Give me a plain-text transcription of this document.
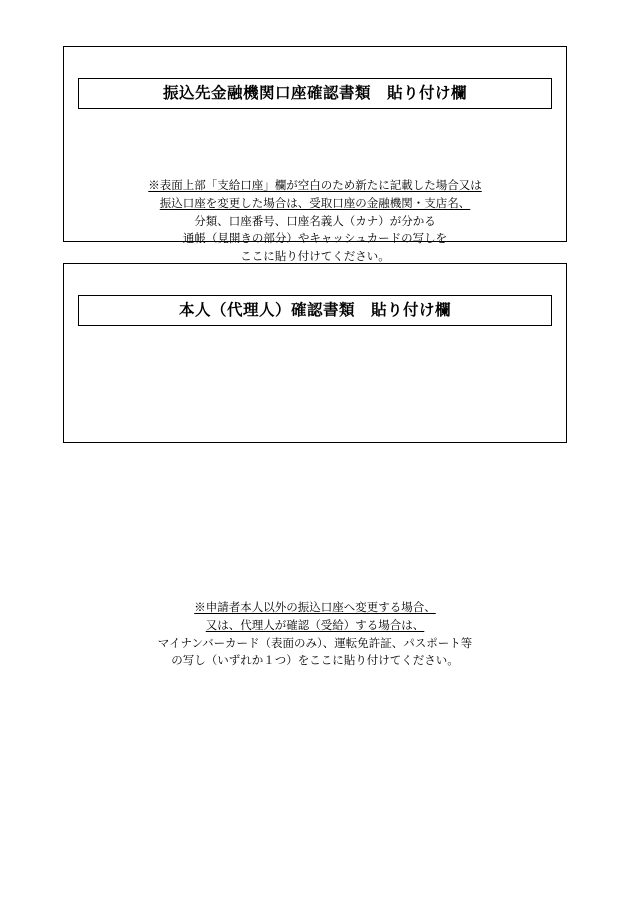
振込先金融機関口座確認書類　貼り付け欄
※表面上部「支給口座」欄が空白のため新たに記載した場合又は
振込口座を変更した場合は、受取口座の金融機関・支店名、
分類、口座番号、口座名義人（カナ）が分かる
通帳（見開きの部分）やキャッシュカードの写しを
ここに貼り付けてください。
本人（代理人）確認書類　貼り付け欄
※申請者本人以外の振込口座へ変更する場合、
又は、代理人が確認（受給）する場合は、
マイナンバーカード（表面のみ）、運転免許証、パスポート等
の写し（いずれか１つ）をここに貼り付けてください。
